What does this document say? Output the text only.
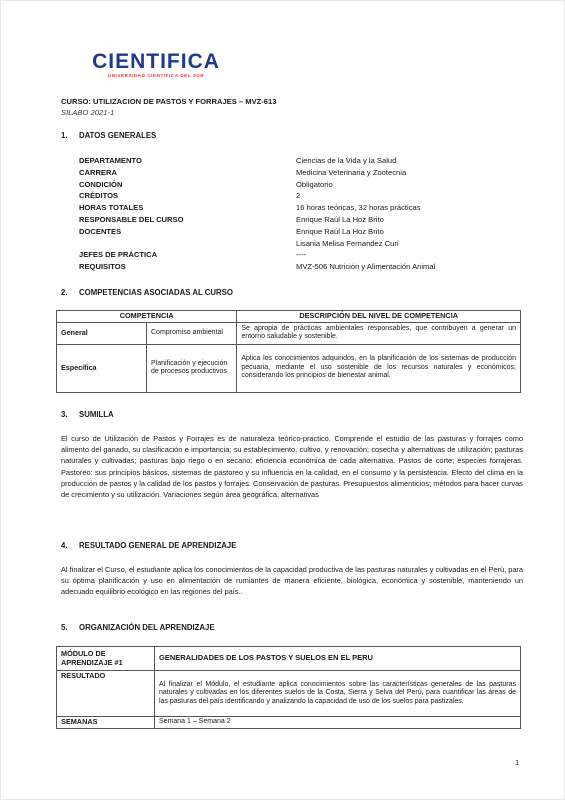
CIENTIFICA
UNIVERSIDAD CIENTIFICA DEL SUR
CURSO: UTILIZACION DE PASTOS Y FORRAJES – MVZ-613
SILABO 2021-1
1. DATOS GENERALES
DEPARTAMENTO	Ciencias de la Vida y la Salud
CARRERA	Medicina Veterinaria y Zootecnia
CONDICIÓN	Obligatorio
CRÉDITOS	2
HORAS TOTALES	16 horas teóricas, 32 horas prácticas
RESPONSABLE DEL CURSO	Enrique Raúl La Hoz Brito
DOCENTES	Enrique Raúl La Hoz Brito
Lisania Melisa Fernandez Curi
JEFES DE PRÁCTICA	----
REQUISITOS	MVZ-506 Nutrición y Alimentación Animal
2. COMPETENCIAS ASOCIADAS AL CURSO
COMPETENCIA		DESCRIPCIÓN DEL NIVEL DE COMPETENCIA
General	Compromiso ambiental	Se apropia de prácticas ambientales responsables, que contribuyen a generar un entorno saludable y sostenible.
Específica	Planificación y ejecución de procesos productivos	Aplica los conocimientos adquiridos, en la planificación de los sistemas de producción pecuaria, mediante el uso sostenible de los recursos naturales y económicos, considerando los principios de bienestar animal.
3. SUMILLA
El curso de Utilización de Pastos y Forrajes es de naturaleza teórico-practico. Comprende el estudio de las pasturas y forrajes como alimento del ganado, su clasificación e importancia; su establecimiento, cultivo, y renovación; cosecha y alternativas de utilización; pasturas naturales y cultivadas; pasturas bajo riego o en secano; eficiencia económica de cada alternativa. Pastos de corte; especies forrajeras. Pastoreo: sus principios básicos, sistemas de pastoreo y su influencia en la calidad, en el consumo y la persistencia. Efecto del clima en la producción de pastos y la calidad de los pastos y forrajes. Conservación de pasturas. Presupuestos alimenticios; métodos para hacer curvas de crecimiento y su utilización. Variaciones según área geográfica, alternativas
4. RESULTADO GENERAL DE APRENDIZAJE
Al finalizar el Curso, el estudiante aplica los conocimientos de la capacidad productiva de las pasturas naturales y cultivadas en el Perú, para su óptima planificación y uso en alimentación de rumiantes de manera eficiente, biológica, económica y sostenible, manteniendo un adecuado equilibrio ecológico en las regiones del país..
5. ORGANIZACIÓN DEL APRENDIZAJE
MÓDULO DE APRENDIZAJE #1	GENERALIDADES DE LOS PASTOS Y SUELOS EN EL PERU
RESULTADO	Al finalizar el Módulo, el estudiante aplica conocimientos sobre las características generales de las pasturas naturales y cultivadas en los diferentes suelos de la Costa, Sierra y Selva del Perú, para cuantificar las áreas de las pasturas del país identificando y analizando la capacidad de uso de los suelos para pastizales.
SEMANAS	Semana 1 – Semana 2
1
